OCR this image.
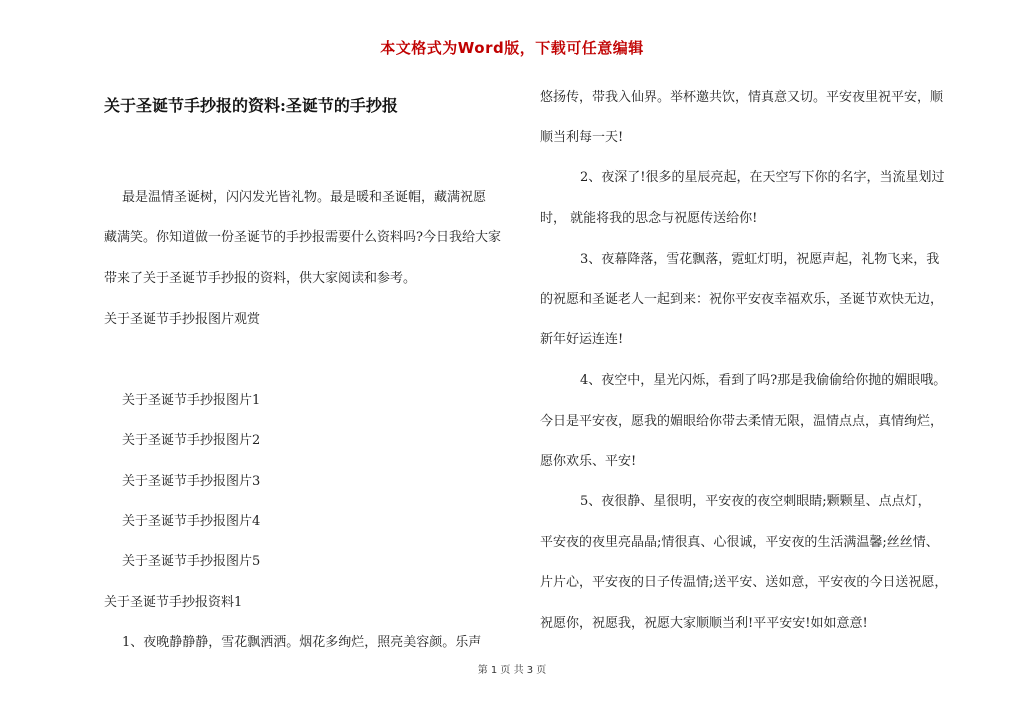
本文格式为Word版，下载可任意编辑
关于圣诞节手抄报的资料:圣诞节的手抄报
最是温情圣诞树，闪闪发光皆礼物。最是暖和圣诞帽，藏满祝愿
藏满笑。你知道做一份圣诞节的手抄报需要什么资料吗?今日我给大家
带来了关于圣诞节手抄报的资料，供大家阅读和参考。
关于圣诞节手抄报图片观赏
关于圣诞节手抄报图片1
关于圣诞节手抄报图片2
关于圣诞节手抄报图片3
关于圣诞节手抄报图片4
关于圣诞节手抄报图片5
关于圣诞节手抄报资料1
1、夜晚静静静，雪花飘洒洒。烟花多绚烂，照亮美容颜。乐声
悠扬传，带我入仙界。举杯邀共饮，情真意又切。平安夜里祝平安，顺
顺当利每一天!
2、夜深了!很多的星辰亮起，在天空写下你的名字，当流星划过
时， 就能将我的思念与祝愿传送给你!
3、夜幕降落，雪花飘落，霓虹灯明，祝愿声起，礼物飞来，我
的祝愿和圣诞老人一起到来：祝你平安夜幸福欢乐，圣诞节欢快无边，
新年好运连连!
4、夜空中，星光闪烁，看到了吗?那是我偷偷给你抛的媚眼哦。
今日是平安夜，愿我的媚眼给你带去柔情无限，温情点点，真情绚烂，
愿你欢乐、平安!
5、夜很静、星很明，平安夜的夜空刺眼睛;颗颗星、点点灯，
平安夜的夜里亮晶晶;情很真、心很诚，平安夜的生活满温馨;丝丝情、
片片心，平安夜的日子传温情;送平安、送如意，平安夜的今日送祝愿，
祝愿你，祝愿我，祝愿大家顺顺当利!平平安安!如如意意!
第 1 页 共 3 页
